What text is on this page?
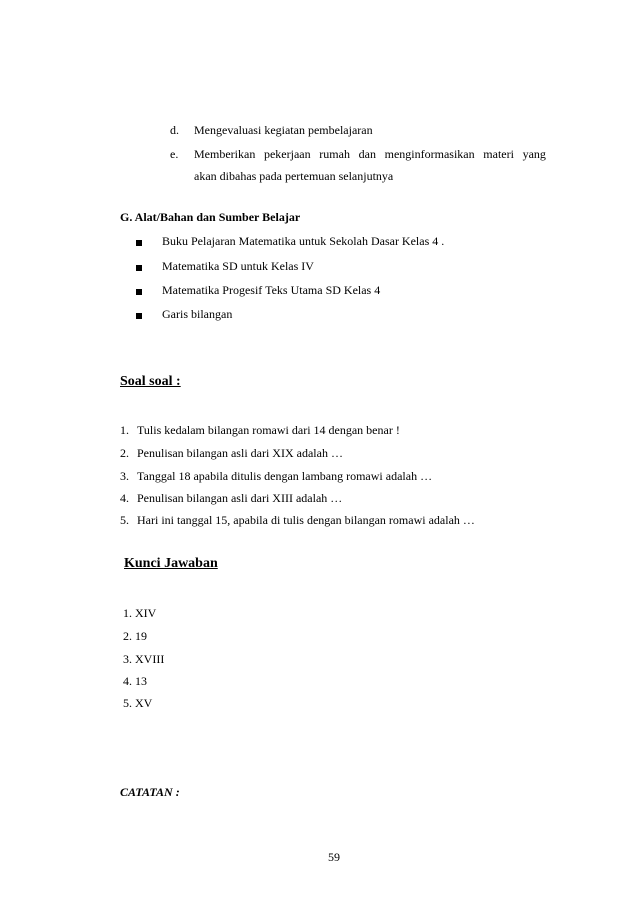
d. Mengevaluasi kegiatan pembelajaran
e. Memberikan pekerjaan rumah dan menginformasikan materi yang
akan dibahas pada pertemuan selanjutnya
G. Alat/Bahan dan Sumber Belajar
Buku Pelajaran Matematika untuk Sekolah Dasar Kelas 4 .
Matematika SD untuk Kelas IV
Matematika Progesif Teks Utama SD Kelas 4
Garis bilangan
Soal soal :
1. Tulis kedalam bilangan romawi dari 14 dengan benar !
2. Penulisan bilangan asli dari XIX adalah …
3. Tanggal 18 apabila ditulis dengan lambang romawi adalah …
4. Penulisan bilangan asli dari XIII adalah …
5. Hari ini tanggal 15, apabila di tulis dengan bilangan romawi adalah …
Kunci Jawaban
1. XIV
2. 19
3. XVIII
4. 13
5. XV
CATATAN :
59
